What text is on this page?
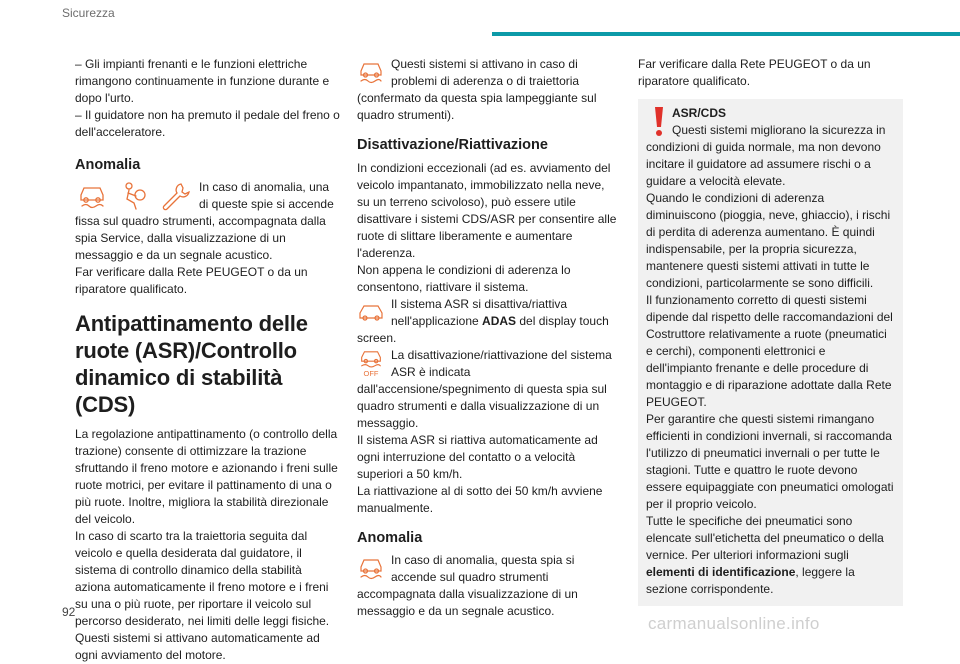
Sicurezza

– Gli impianti frenanti e le funzioni elettriche rimangono continuamente in funzione durante e dopo l'urto.

– Il guidatore non ha premuto il pedale del freno o dell'acceleratore.

Anomalia

In caso di anomalia, una di queste spie si accende fissa sul quadro strumenti, accompagnata dalla spia Service, dalla visualizzazione di un messaggio e da un segnale acustico.

Far verificare dalla Rete PEUGEOT o da un riparatore qualificato.

Antipattinamento delle ruote (ASR)/Controllo dinamico di stabilità (CDS)

La regolazione antipattinamento (o controllo della trazione) consente di ottimizzare la trazione sfruttando il freno motore e azionando i freni sulle ruote motrici, per evitare il pattinamento di una o più ruote. Inoltre, migliora la stabilità direzionale del veicolo.

In caso di scarto tra la traiettoria seguita dal veicolo e quella desiderata dal guidatore, il sistema di controllo dinamico della stabilità aziona automaticamente il freno motore e i freni su una o più ruote, per riportare il veicolo sul percorso desiderato, nei limiti delle leggi fisiche.

Questi sistemi si attivano automaticamente ad ogni avviamento del motore.

Questi sistemi si attivano in caso di problemi di aderenza o di traiettoria (confermato da questa spia lampeggiante sul quadro strumenti).

Disattivazione/Riattivazione

In condizioni eccezionali (ad es. avviamento del veicolo impantanato, immobilizzato nella neve, su un terreno scivoloso), può essere utile disattivare i sistemi CDS/ASR per consentire alle ruote di slittare liberamente e aumentare l'aderenza.

Non appena le condizioni di aderenza lo consentono, riattivare il sistema.

Il sistema ASR si disattiva/riattiva nell'applicazione ADAS del display touch screen.

OFF

La disattivazione/riattivazione del sistema ASR è indicata dall'accensione/spegnimento di questa spia sul quadro strumenti e dalla visualizzazione di un messaggio.

Il sistema ASR si riattiva automaticamente ad ogni interruzione del contatto o a velocità superiori a 50 km/h.

La riattivazione al di sotto dei 50 km/h avviene manualmente.

Anomalia

In caso di anomalia, questa spia si accende sul quadro strumenti accompagnata dalla visualizzazione di un messaggio e da un segnale acustico.

Far verificare dalla Rete PEUGEOT o da un riparatore qualificato.

ASR/CDS

Questi sistemi migliorano la sicurezza in condizioni di guida normale, ma non devono incitare il guidatore ad assumere rischi o a guidare a velocità elevate.

Quando le condizioni di aderenza diminuiscono (pioggia, neve, ghiaccio), i rischi di perdita di aderenza aumentano. È quindi indispensabile, per la propria sicurezza, mantenere questi sistemi attivati in tutte le condizioni, particolarmente se sono difficili.

Il funzionamento corretto di questi sistemi dipende dal rispetto delle raccomandazioni del Costruttore relativamente a ruote (pneumatici e cerchi), componenti elettronici e dell'impianto frenante e delle procedure di montaggio e di riparazione adottate dalla Rete PEUGEOT.

Per garantire che questi sistemi rimangano efficienti in condizioni invernali, si raccomanda l'utilizzo di pneumatici invernali o per tutte le stagioni. Tutte e quattro le ruote devono essere equipaggiate con pneumatici omologati per il proprio veicolo.

Tutte le specifiche dei pneumatici sono elencate sull'etichetta del pneumatico o della vernice. Per ulteriori informazioni sugli elementi di identificazione, leggere la sezione corrispondente.

92
carmanualsonline.info
